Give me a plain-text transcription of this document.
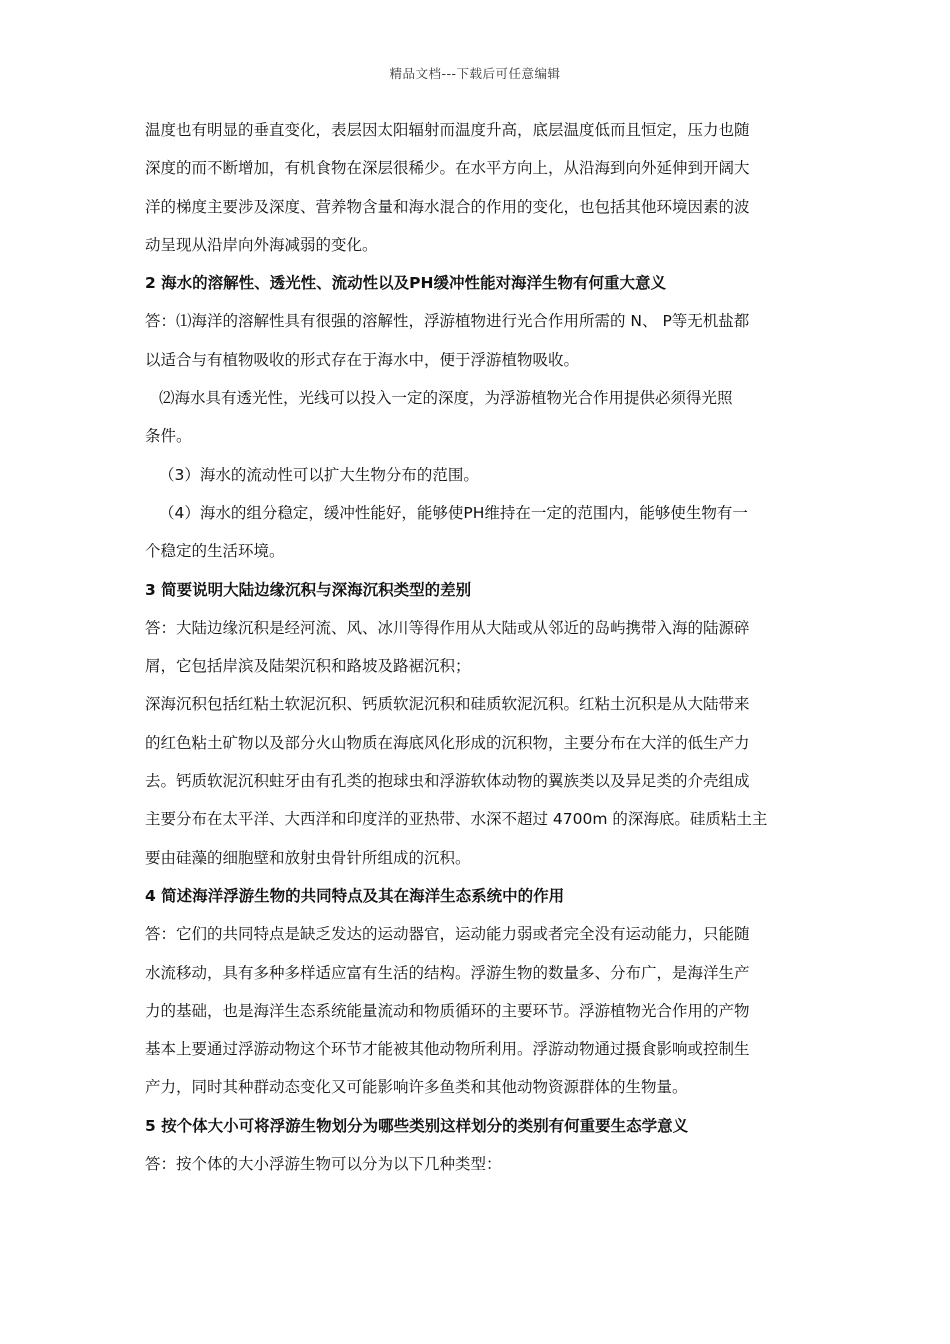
精品文档---下载后可任意编辑
温度也有明显的垂直变化，表层因太阳辐射而温度升高，底层温度低而且恒定，压力也随
深度的而不断增加，有机食物在深层很稀少。在水平方向上，从沿海到向外延伸到开阔大
洋的梯度主要涉及深度、营养物含量和海水混合的作用的变化，也包括其他环境因素的波
动呈现从沿岸向外海减弱的变化。
2 海水的溶解性、透光性、流动性以及PH缓冲性能对海洋生物有何重大意义
答：⑴海洋的溶解性具有很强的溶解性，浮游植物进行光合作用所需的 N、 P等无机盐都
以适合与有植物吸收的形式存在于海水中，便于浮游植物吸收。
⑵海水具有透光性，光线可以投入一定的深度，为浮游植物光合作用提供必须得光照
条件。
（3）海水的流动性可以扩大生物分布的范围。
（4）海水的组分稳定，缓冲性能好，能够使PH维持在一定的范围内，能够使生物有一
个稳定的生活环境。
3 简要说明大陆边缘沉积与深海沉积类型的差别
答：大陆边缘沉积是经河流、风、冰川等得作用从大陆或从邻近的岛屿携带入海的陆源碎
屑，它包括岸滨及陆架沉积和路坡及路裾沉积；
深海沉积包括红粘土软泥沉积、钙质软泥沉积和硅质软泥沉积。红粘土沉积是从大陆带来
的红色粘土矿物以及部分火山物质在海底风化形成的沉积物，主要分布在大洋的低生产力
去。钙质软泥沉积蛀牙由有孔类的抱球虫和浮游软体动物的翼族类以及异足类的介壳组成
主要分布在太平洋、大西洋和印度洋的亚热带、水深不超过 4700m 的深海底。硅质粘土主
要由硅藻的细胞壁和放射虫骨针所组成的沉积。
4 简述海洋浮游生物的共同特点及其在海洋生态系统中的作用
答：它们的共同特点是缺乏发达的运动器官，运动能力弱或者完全没有运动能力，只能随
水流移动，具有多种多样适应富有生活的结构。浮游生物的数量多、分布广，是海洋生产
力的基础，也是海洋生态系统能量流动和物质循环的主要环节。浮游植物光合作用的产物
基本上要通过浮游动物这个环节才能被其他动物所利用。浮游动物通过摄食影响或控制生
产力，同时其种群动态变化又可能影响许多鱼类和其他动物资源群体的生物量。
5 按个体大小可将浮游生物划分为哪些类别这样划分的类别有何重要生态学意义
答：按个体的大小浮游生物可以分为以下几种类型：
